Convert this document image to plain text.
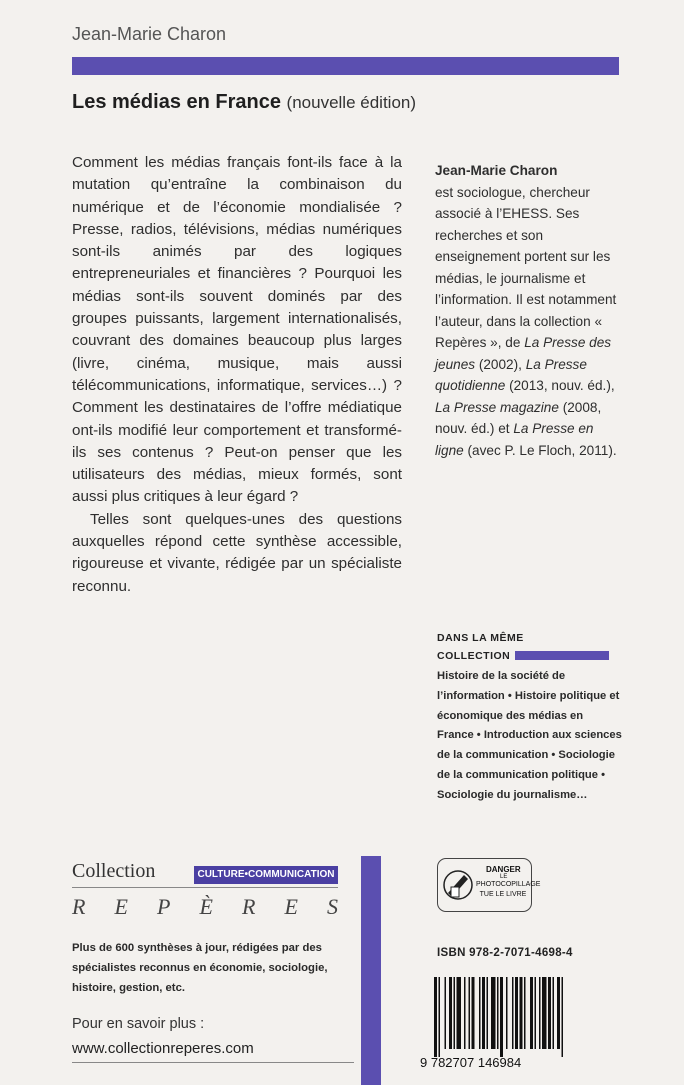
Jean-Marie Charon
Les médias en France (nouvelle édition)

Comment les médias français font-ils face à la mutation qu’entraîne la combinaison du numérique et de l’économie mondialisée ? Presse, radios, télévisions, médias numériques sont-ils animés par des logiques entrepreneuriales et financières ? Pourquoi les médias sont-ils souvent dominés par des groupes puissants, largement internationalisés, couvrant des domaines beaucoup plus larges (livre, cinéma, musique, mais aussi télécommunications, informatique, services…) ? Comment les destinataires de l’offre médiatique ont-ils modifié leur comportement et transformé-ils ses contenus ? Peut-on penser que les utilisateurs des médias, mieux formés, sont aussi plus critiques à leur égard ?

Telles sont quelques-unes des questions auxquelles répond cette synthèse accessible, rigoureuse et vivante, rédigée par un spécialiste reconnu.

Jean-Marie Charon
est sociologue, chercheur associé à l’EHESS. Ses recherches et son enseignement portent sur les médias, le journalisme et l’information. Il est notamment l’auteur, dans la collection « Repères », de La Presse des jeunes (2002), La Presse quotidienne (2013, nouv. éd.), La Presse magazine (2008, nouv. éd.) et La Presse en ligne (avec P. Le Floch, 2011).
DANS LA MÊME
COLLECTION
Histoire de la société de l’information • Histoire politique et économique des médias en France • Introduction aux sciences de la communication • Sociologie de la communication politique • Sociologie du journalisme…
Collection	CULTURE•COMMUNICATION
R E P È R E S
Plus de 600 synthèses à jour, rédigées par des spécialistes reconnus en économie, sociologie, histoire, gestion, etc.
Pour en savoir plus :
www.collectionreperes.com
DANGER
LE
PHOTOCOPILLAGE
TUE LE LIVRE
ISBN 978-2-7071-4698-4
9 782707 146984
